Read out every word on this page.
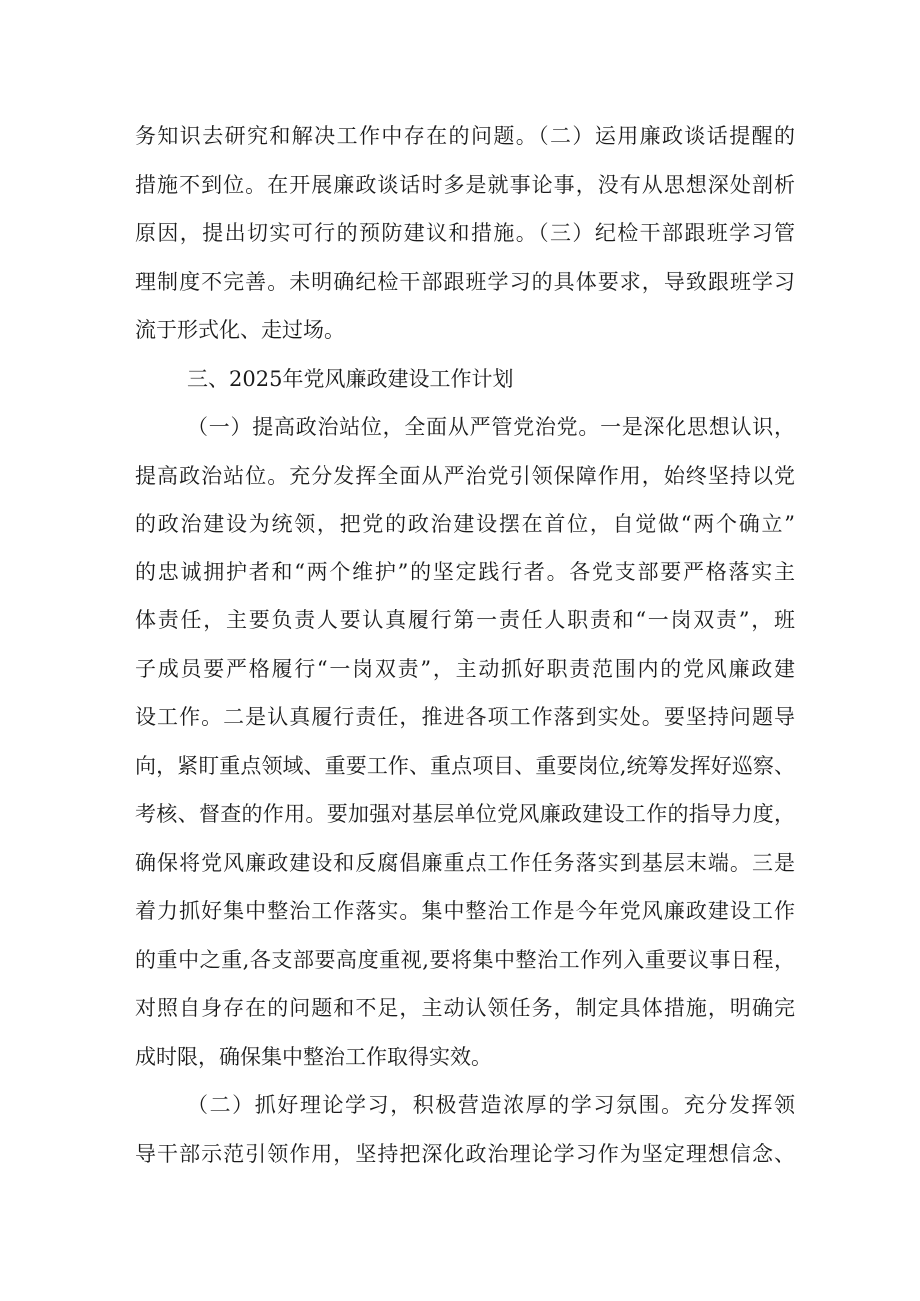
务知识去研究和解决工作中存在的问题。（二）运用廉政谈话提醒的
措施不到位。在开展廉政谈话时多是就事论事，没有从思想深处剖析
原因，提出切实可行的预防建议和措施。（三）纪检干部跟班学习管
理制度不完善。未明确纪检干部跟班学习的具体要求，导致跟班学习
流于形式化、走过场。
三、2025年党风廉政建设工作计划
（一）提高政治站位，全面从严管党治党。一是深化思想认识，
提高政治站位。充分发挥全面从严治党引领保障作用，始终坚持以党
的政治建设为统领，把党的政治建设摆在首位，自觉做“两个确立”
的忠诚拥护者和“两个维护”的坚定践行者。各党支部要严格落实主
体责任，主要负责人要认真履行第一责任人职责和“一岗双责”，班
子成员要严格履行“一岗双责”，主动抓好职责范围内的党风廉政建
设工作。二是认真履行责任，推进各项工作落到实处。要坚持问题导
向，紧盯重点领域、重要工作、重点项目、重要岗位,统筹发挥好巡察、
考核、督查的作用。要加强对基层单位党风廉政建设工作的指导力度，
确保将党风廉政建设和反腐倡廉重点工作任务落实到基层末端。三是
着力抓好集中整治工作落实。集中整治工作是今年党风廉政建设工作
的重中之重,各支部要高度重视,要将集中整治工作列入重要议事日程，
对照自身存在的问题和不足，主动认领任务，制定具体措施，明确完
成时限，确保集中整治工作取得实效。
（二）抓好理论学习，积极营造浓厚的学习氛围。充分发挥领
导干部示范引领作用，坚持把深化政治理论学习作为坚定理想信念、
